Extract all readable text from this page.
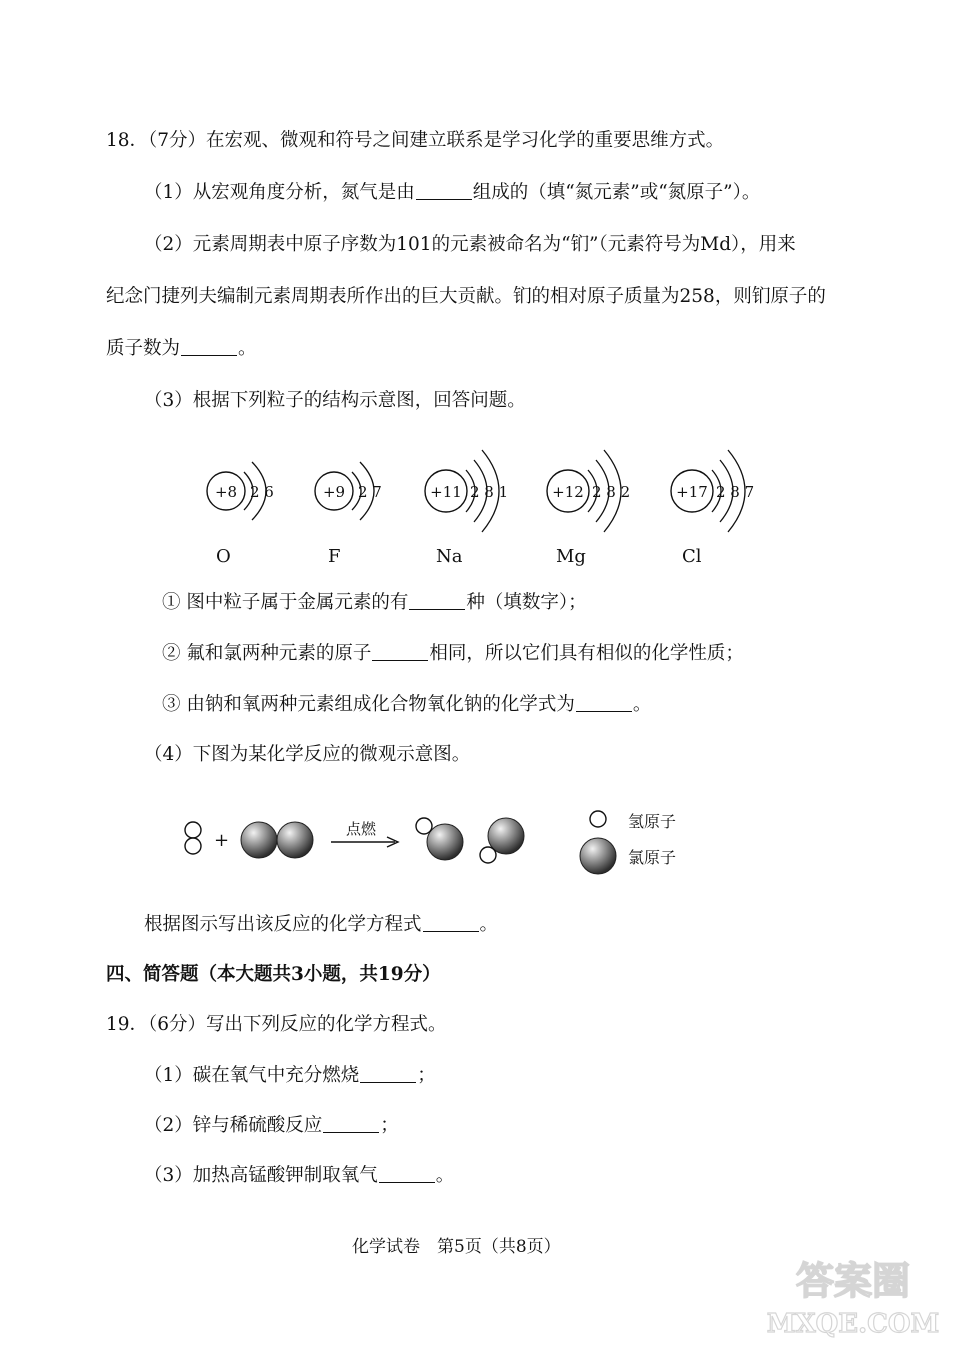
18．（7分）在宏观、微观和符号之间建立联系是学习化学的重要思维方式。
（1）从宏观角度分析，氮气是由	组成的（填“氮元素”或“氮原子”）。
（2）元素周期表中原子序数为101的元素被命名为“钔”（元素符号为Md），用来
纪念门捷列夫编制元素周期表所作出的巨大贡献。钔的相对原子质量为258，则钔原子的
质子数为	。
（3）根据下列粒子的结构示意图，回答问题。
+8 2 6	+9 2 7	+11 2 8 1	+12 2 8 2	+17 2 8 7
O	F	Na	Mg	Cl
① 图中粒子属于金属元素的有	种（填数字）；
② 氟和氯两种元素的原子	相同，所以它们具有相似的化学性质；
③ 由钠和氧两种元素组成化合物氧化钠的化学式为	。
（4）下图为某化学反应的微观示意图。
+
点燃	氢原子
氯原子
根据图示写出该反应的化学方程式	。
四、简答题（本大题共3小题，共19分）
19．（6分）写出下列反应的化学方程式。
（1）碳在氧气中充分燃烧	；
（2）锌与稀硫酸反应	；
（3）加热高锰酸钾制取氧气	。
化学试卷　第5页（共8页）
答案圈
MXQE.COM
